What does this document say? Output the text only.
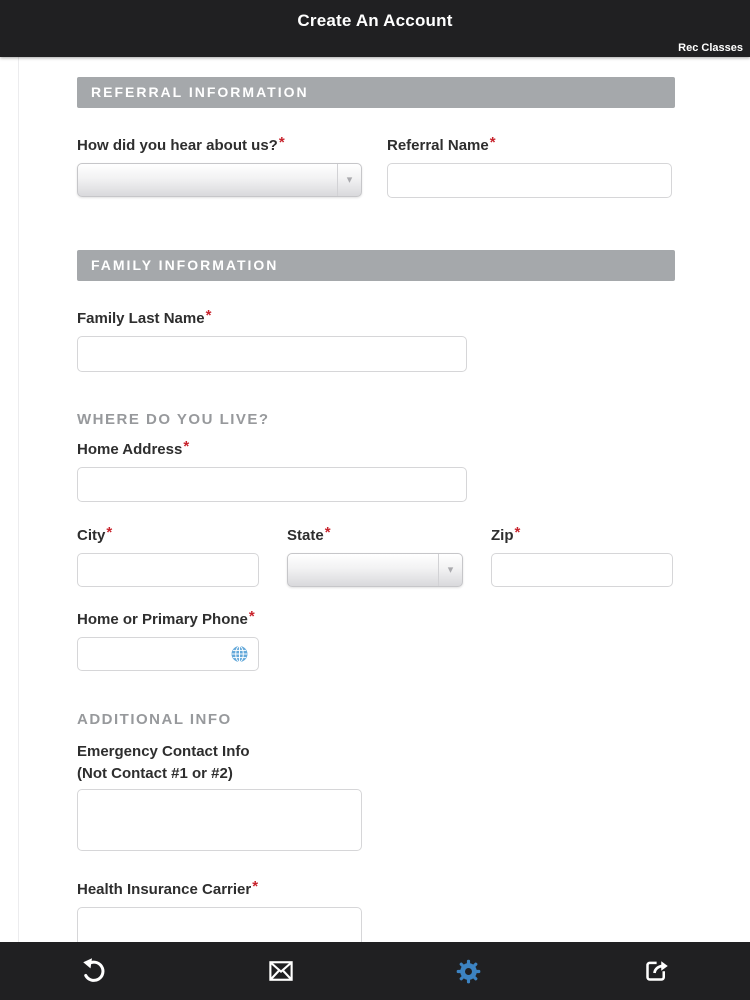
Create An Account
Rec Classes
REFERRAL INFORMATION
How did you hear about us?*
▾
Referral Name*
FAMILY INFORMATION
Family Last Name*
WHERE DO YOU LIVE?
Home Address*
City*	State*
▾
Zip*
Home or Primary Phone*
ADDITIONAL INFO
Emergency Contact Info
(Not Contact #1 or #2)
Health Insurance Carrier*
